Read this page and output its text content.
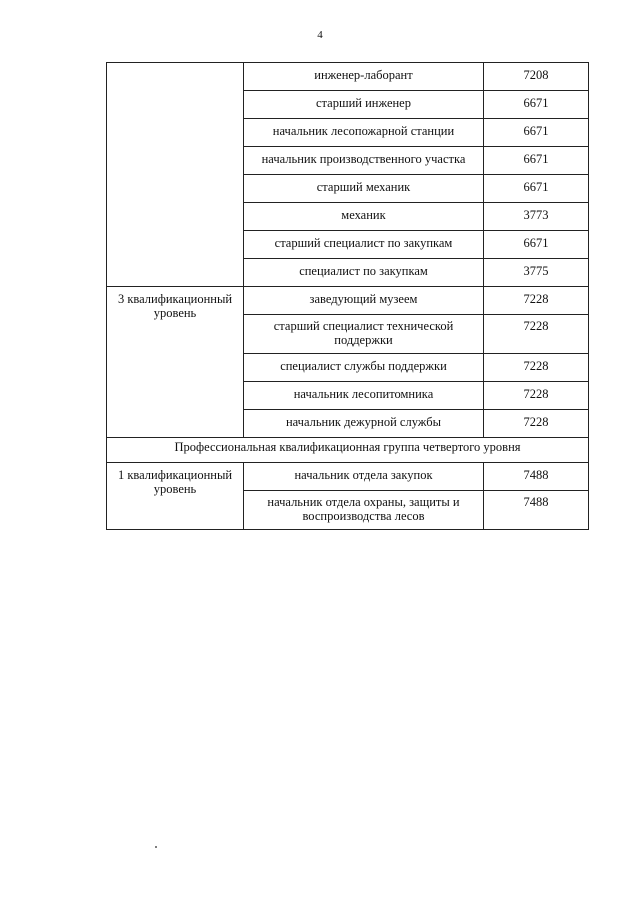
4
	инженер-лаборант	7208
	старший инженер	6671
	начальник лесопожарной станции	6671
	начальник производственного участка	6671
	старший механик	6671
	механик	3773
	старший специалист по закупкам	6671
	специалист по закупкам	3775
3 квалификационный уровень	заведующий музеем	7228
	старший специалист технической поддержки	7228
	специалист службы поддержки	7228
	начальник лесопитомника	7228
	начальник дежурной службы	7228
Профессиональная квалификационная группа четвертого уровня		
1 квалификационный уровень	начальник отдела закупок	7488
	начальник отдела охраны, защиты и воспроизводства лесов	7488
